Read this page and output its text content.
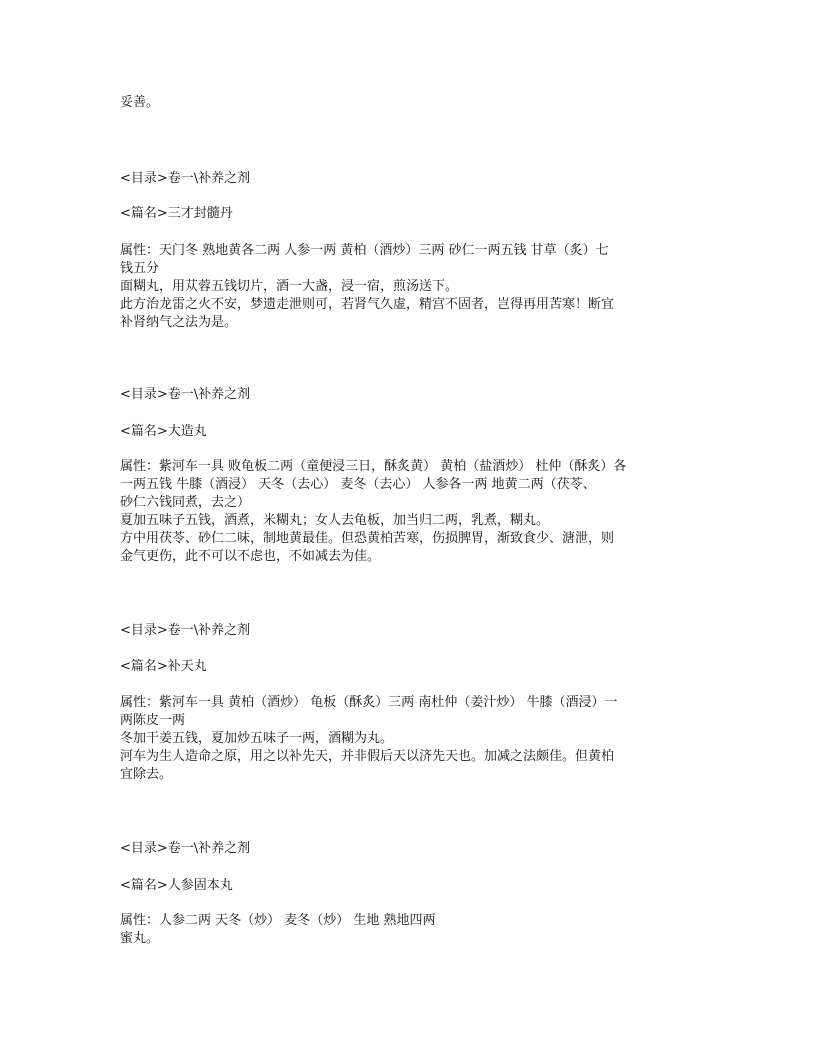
妥善。
<目录>卷一\补养之剂
<篇名>三才封髓丹
属性：天门冬 熟地黄各二两 人参一两 黄柏（酒炒）三两 砂仁一两五钱 甘草（炙）七
钱五分
面糊丸，用苁蓉五钱切片，酒一大盏，浸一宿，煎汤送下。
此方治龙雷之火不安，梦遗走泄则可，若肾气久虚，精宫不固者，岂得再用苦寒！断宜
补肾纳气之法为是。
<目录>卷一\补养之剂
<篇名>大造丸
属性：紫河车一具 败龟板二两（童便浸三日，酥炙黄） 黄柏（盐酒炒） 杜仲（酥炙）各
一两五钱 牛膝（酒浸） 天冬（去心） 麦冬（去心） 人参各一两 地黄二两（茯苓、
砂仁六钱同煮，去之）
夏加五味子五钱，酒煮，米糊丸；女人去龟板，加当归二两，乳煮，糊丸。
方中用茯苓、砂仁二味，制地黄最佳。但恐黄柏苦寒，伤损脾胃，渐致食少、溏泄，则
金气更伤，此不可以不虑也，不如减去为佳。
<目录>卷一\补养之剂
<篇名>补天丸
属性：紫河车一具 黄柏（酒炒） 龟板（酥炙）三两 南杜仲（姜汁炒） 牛膝（酒浸）一
两陈皮一两
冬加干姜五钱，夏加炒五味子一两，酒糊为丸。
河车为生人造命之原，用之以补先天，并非假后天以济先天也。加减之法颇佳。但黄柏
宜除去。
<目录>卷一\补养之剂
<篇名>人参固本丸
属性：人参二两 天冬（炒） 麦冬（炒） 生地 熟地四两
蜜丸。
